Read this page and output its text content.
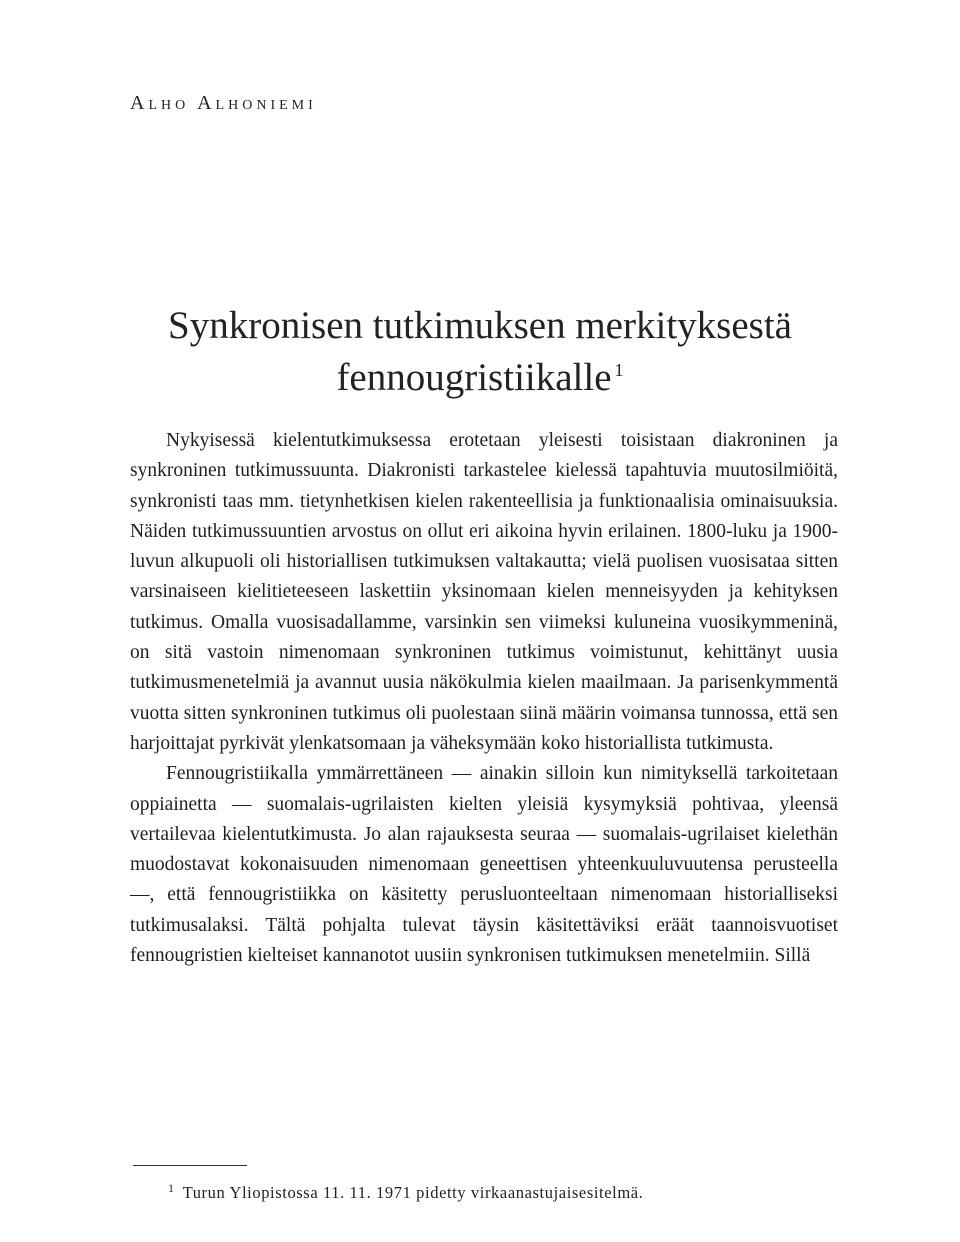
Alho Alhoniemi
Synkronisen tutkimuksen merkityksestä
fennougristiikalle $^1$

Nykyisessä kielentutkimuksessa erotetaan yleisesti toisistaan diakroninen ja synkroninen tutkimussuunta. Diakronisti tarkastelee kielessä tapahtuvia muutosilmiöitä, synkronisti taas mm. tietynhetkisen kielen rakenteellisia ja funktionaalisia ominaisuuksia. Näiden tutkimussuuntien arvostus on ollut eri aikoina hyvin erilainen. 1800-luku ja 1900-luvun alkupuoli oli historiallisen tutkimuksen valtakautta; vielä puolisen vuosisataa sitten varsinaiseen kielitieteeseen laskettiin yksinomaan kielen menneisyyden ja kehityksen tutkimus. Omalla vuosisadallamme, varsinkin sen viimeksi kuluneina vuosikymmeninä, on sitä vastoin nimenomaan synkroninen tutkimus voimistunut, kehittänyt uusia tutkimusmenetelmiä ja avannut uusia näkökulmia kielen maailmaan. Ja parisenkymmentä vuotta sitten synkroninen tutkimus oli puolestaan siinä määrin voimansa tunnossa, että sen harjoittajat pyrkivät ylenkatsomaan ja väheksymään koko historiallista tutkimusta.

Fennougristiikalla ymmärrettäneen — ainakin silloin kun nimityksellä tarkoitetaan oppiainetta — suomalais-ugrilaisten kielten yleisiä kysymyksiä pohtivaa, yleensä vertailevaa kielentutkimusta. Jo alan rajauksesta seuraa — suomalais-ugrilaiset kielethän muodostavat kokonaisuuden nimenomaan geneettisen yhteenkuuluvuutensa perusteella —, että fennougristiikka on käsitetty perusluonteeltaan nimenomaan historialliseksi tutkimusalaksi. Tältä pohjalta tulevat täysin käsitettäviksi eräät taannoisvuotiset fennougristien kielteiset kannanotot uusiin synkronisen tutkimuksen menetelmiin. Sillä

$^1$ Turun Yliopistossa 11. 11. 1971 pidetty virkaanastujaisesitelmä.
